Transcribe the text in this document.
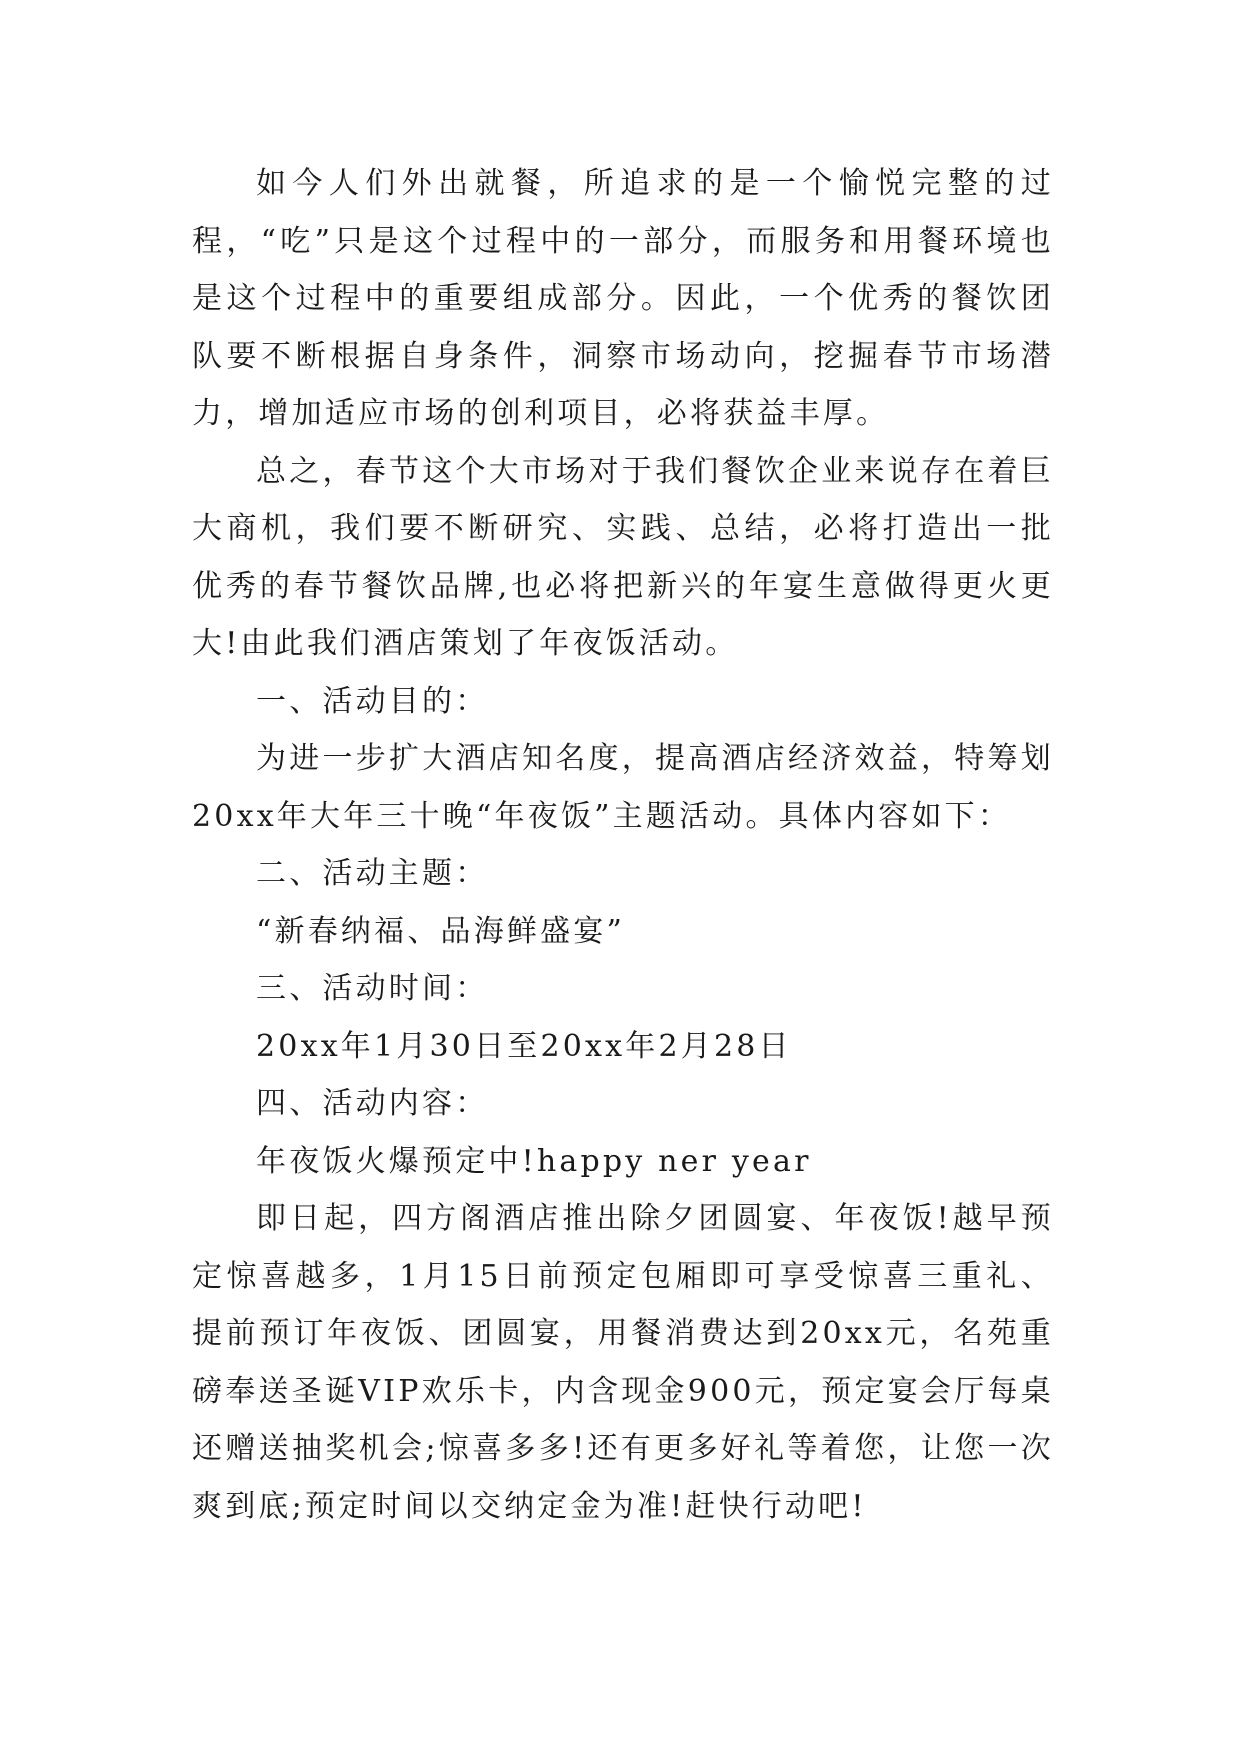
如今人们外出就餐，所追求的是一个愉悦完整的过程，“吃”只是这个过程中的一部分，而服务和用餐环境也是这个过程中的重要组成部分。因此，一个优秀的餐饮团队要不断根据自身条件，洞察市场动向，挖掘春节市场潜力，增加适应市场的创利项目，必将获益丰厚。

总之，春节这个大市场对于我们餐饮企业来说存在着巨大商机，我们要不断研究、实践、总结，必将打造出一批优秀的春节餐饮品牌,也必将把新兴的年宴生意做得更火更大!由此我们酒店策划了年夜饭活动。

一、活动目的：

为进一步扩大酒店知名度，提高酒店经济效益，特筹划20xx年大年三十晚“年夜饭”主题活动。具体内容如下：

二、活动主题：

“新春纳福、品海鲜盛宴”

三、活动时间：

20xx年1月30日至20xx年2月28日

四、活动内容：

年夜饭火爆预定中!happy ner year

即日起，四方阁酒店推出除夕团圆宴、年夜饭!越早预定惊喜越多，1月15日前预定包厢即可享受惊喜三重礼、提前预订年夜饭、团圆宴，用餐消费达到20xx元，名苑重磅奉送圣诞VIP欢乐卡，内含现金900元，预定宴会厅每桌还赠送抽奖机会;惊喜多多!还有更多好礼等着您，让您一次爽到底;预定时间以交纳定金为准!赶快行动吧!
